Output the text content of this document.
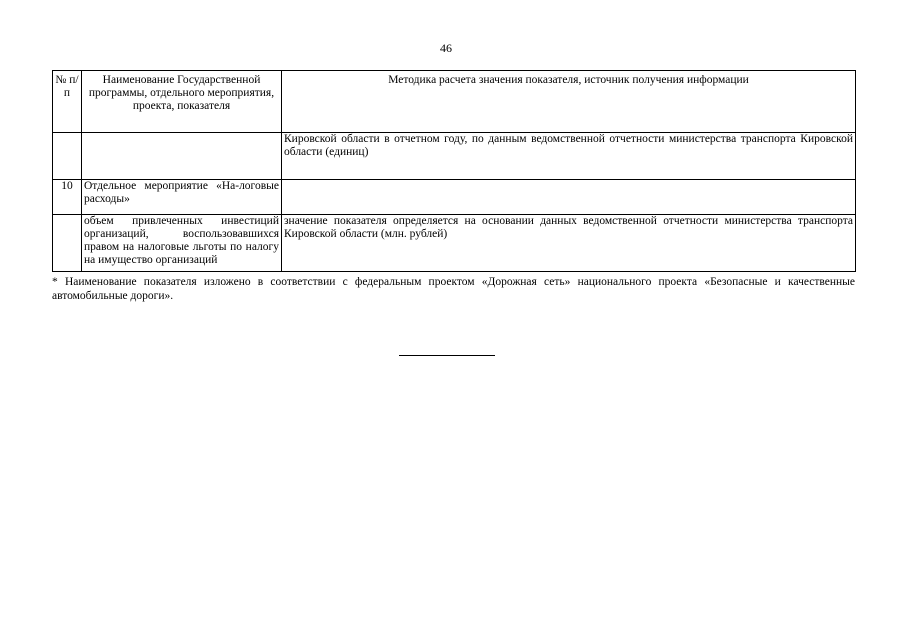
46
№ п/п	Наименование Государственной программы, отдельного мероприятия, проекта, показателя	Методика расчета значения показателя, источник получения информации
		Кировской области в отчетном году, по данным ведомственной отчетности министерства транспорта Кировской области (единиц)
10	Отдельное мероприятие «На-логовые расходы»	
	объем привлеченных инвестиций организаций, воспользовавшихся правом на налоговые льготы по налогу на имущество организаций	значение показателя определяется на основании данных ведомственной отчетности министерства транспорта Кировской области (млн. рублей)
* Наименование показателя изложено в соответствии с федеральным проектом «Дорожная сеть» национального проекта «Безопасные и качественные автомобильные дороги».
